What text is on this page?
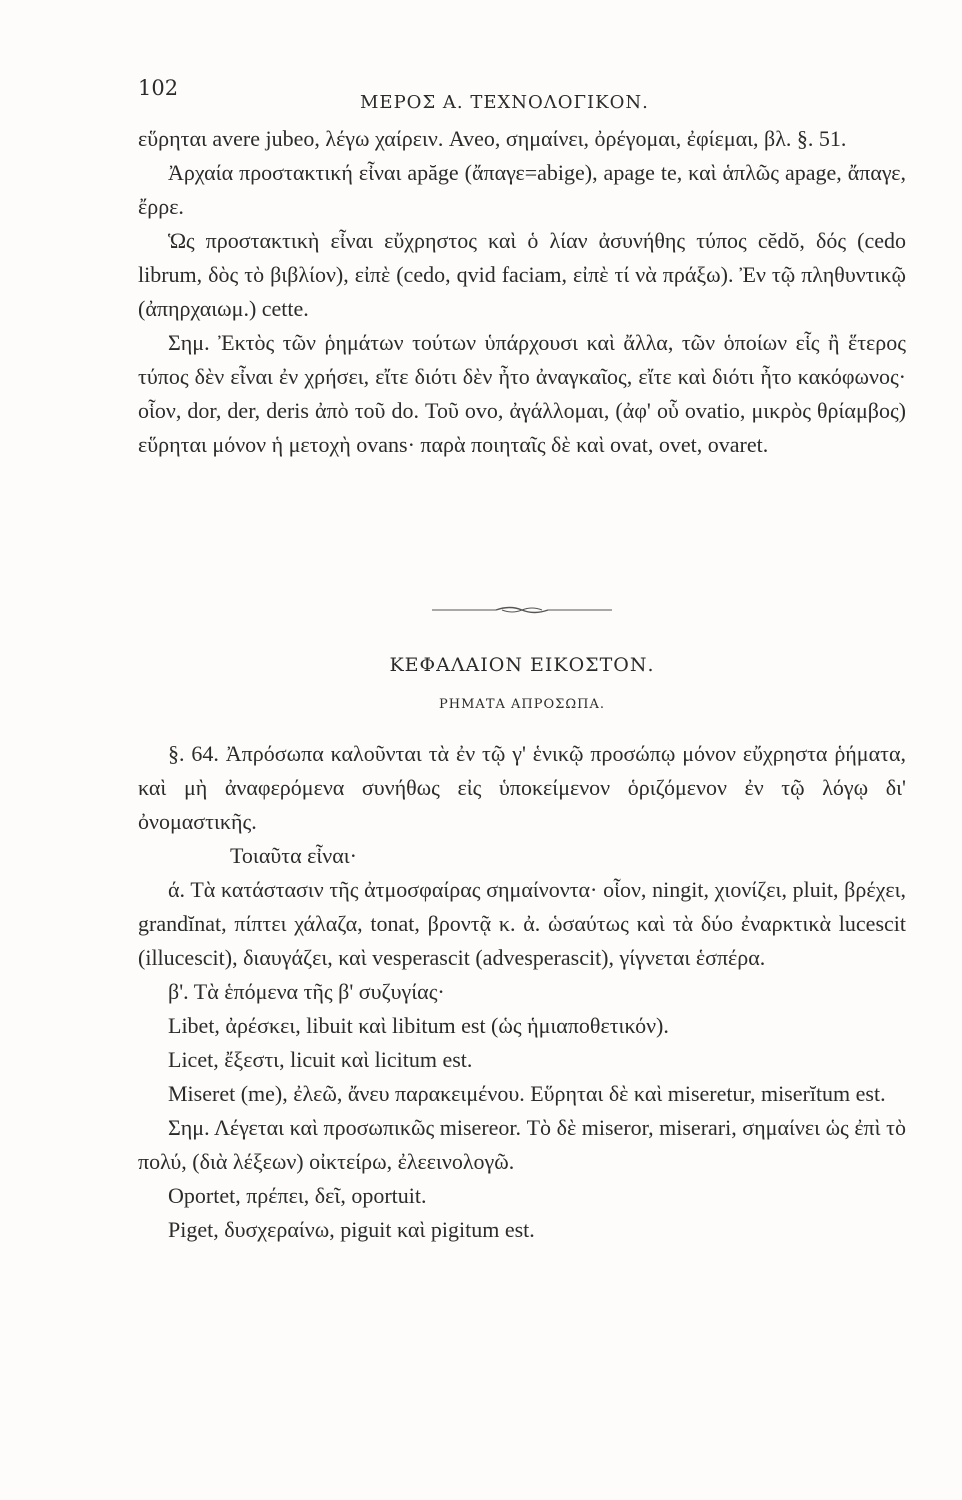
102
ΜΕΡΟΣ Α. ΤΕΧΝΟΛΟΓΙΚΟΝ.

εὕρηται avere jubeo, λέγω χαίρειν. Aveo, σημαίνει, ὀρέγομαι, ἐφίεμαι, βλ. §. 51.

Ἀρχαία προστακτική εἶναι apăge (ἄπαγε=abige), apage te, καὶ ἁπλῶς apage, ἄπαγε, ἔρρε.

Ὡς προστακτικὴ εἶναι εὔχρηστος καὶ ὁ λίαν ἀσυνήθης τύπος cĕdŏ, δός (cedo librum, δὸς τὸ βιβλίον), εἰπὲ (cedo, qvid faciam, εἰπὲ τί νὰ πράξω). Ἐν τῷ πληθυντικῷ (ἀπηρχαιωμ.) cette.

Σημ. Ἐκτὸς τῶν ῥημάτων τούτων ὑπάρχουσι καὶ ἄλλα, τῶν ὁποίων εἷς ἢ ἕτερος τύπος δὲν εἶναι ἐν χρήσει, εἴτε διότι δὲν ἦτο ἀναγκαῖος, εἴτε καὶ διότι ἦτο κακόφωνος· οἷον, dor, der, deris ἀπὸ τοῦ do. Τοῦ ovo, ἀγάλλομαι, (ἀφ' οὗ ovatio, μικρὸς θρίαμβος) εὕρηται μόνον ἡ μετοχὴ ovans· παρὰ ποιηταῖς δὲ καὶ ovat, ovet, ovaret.

ΚΕΦΑΛΑΙΟΝ ΕΙΚΟΣΤΟΝ.
ΡΗΜΑΤΑ ΑΠΡΟΣΩΠΑ.

§. 64. Ἀπρόσωπα καλοῦνται τὰ ἐν τῷ γ' ἑνικῷ προσώπῳ μόνον εὔχρηστα ῥήματα, καὶ μὴ ἀναφερόμενα συνήθως εἰς ὑποκείμενον ὁριζόμενον ἐν τῷ λόγῳ δι' ὀνομαστικῆς.

Τοιαῦτα εἶναι·

ά. Τὰ κατάστασιν τῆς ἀτμοσφαίρας σημαίνοντα· οἷον, ningit, χιονίζει, pluit, βρέχει, grandĭnat, πίπτει χάλαζα, tonat, βροντᾷ κ. ἀ. ὡσαύτως καὶ τὰ δύο ἐναρκτικὰ lucescit (illucescit), διαυγάζει, καὶ vesperascit (advesperascit), γίγνεται ἑσπέρα.

β'. Τὰ ἑπόμενα τῆς β' συζυγίας·

Libet, ἀρέσκει, libuit καὶ libitum est (ὡς ἡμιαποθετικόν).

Licet, ἔξεστι, licuit καὶ licitum est.

Miseret (me), ἐλεῶ, ἄνευ παρακειμένου. Εὕρηται δὲ καὶ miseretur, miserĭtum est.

Σημ. Λέγεται καὶ προσωπικῶς misereor. Τὸ δὲ miseror, miserari, σημαίνει ὡς ἐπὶ τὸ πολύ, (διὰ λέξεων) οἰκτείρω, ἐλεεινολογῶ.

Oportet, πρέπει, δεῖ, oportuit.

Piget, δυσχεραίνω, piguit καὶ pigitum est.
